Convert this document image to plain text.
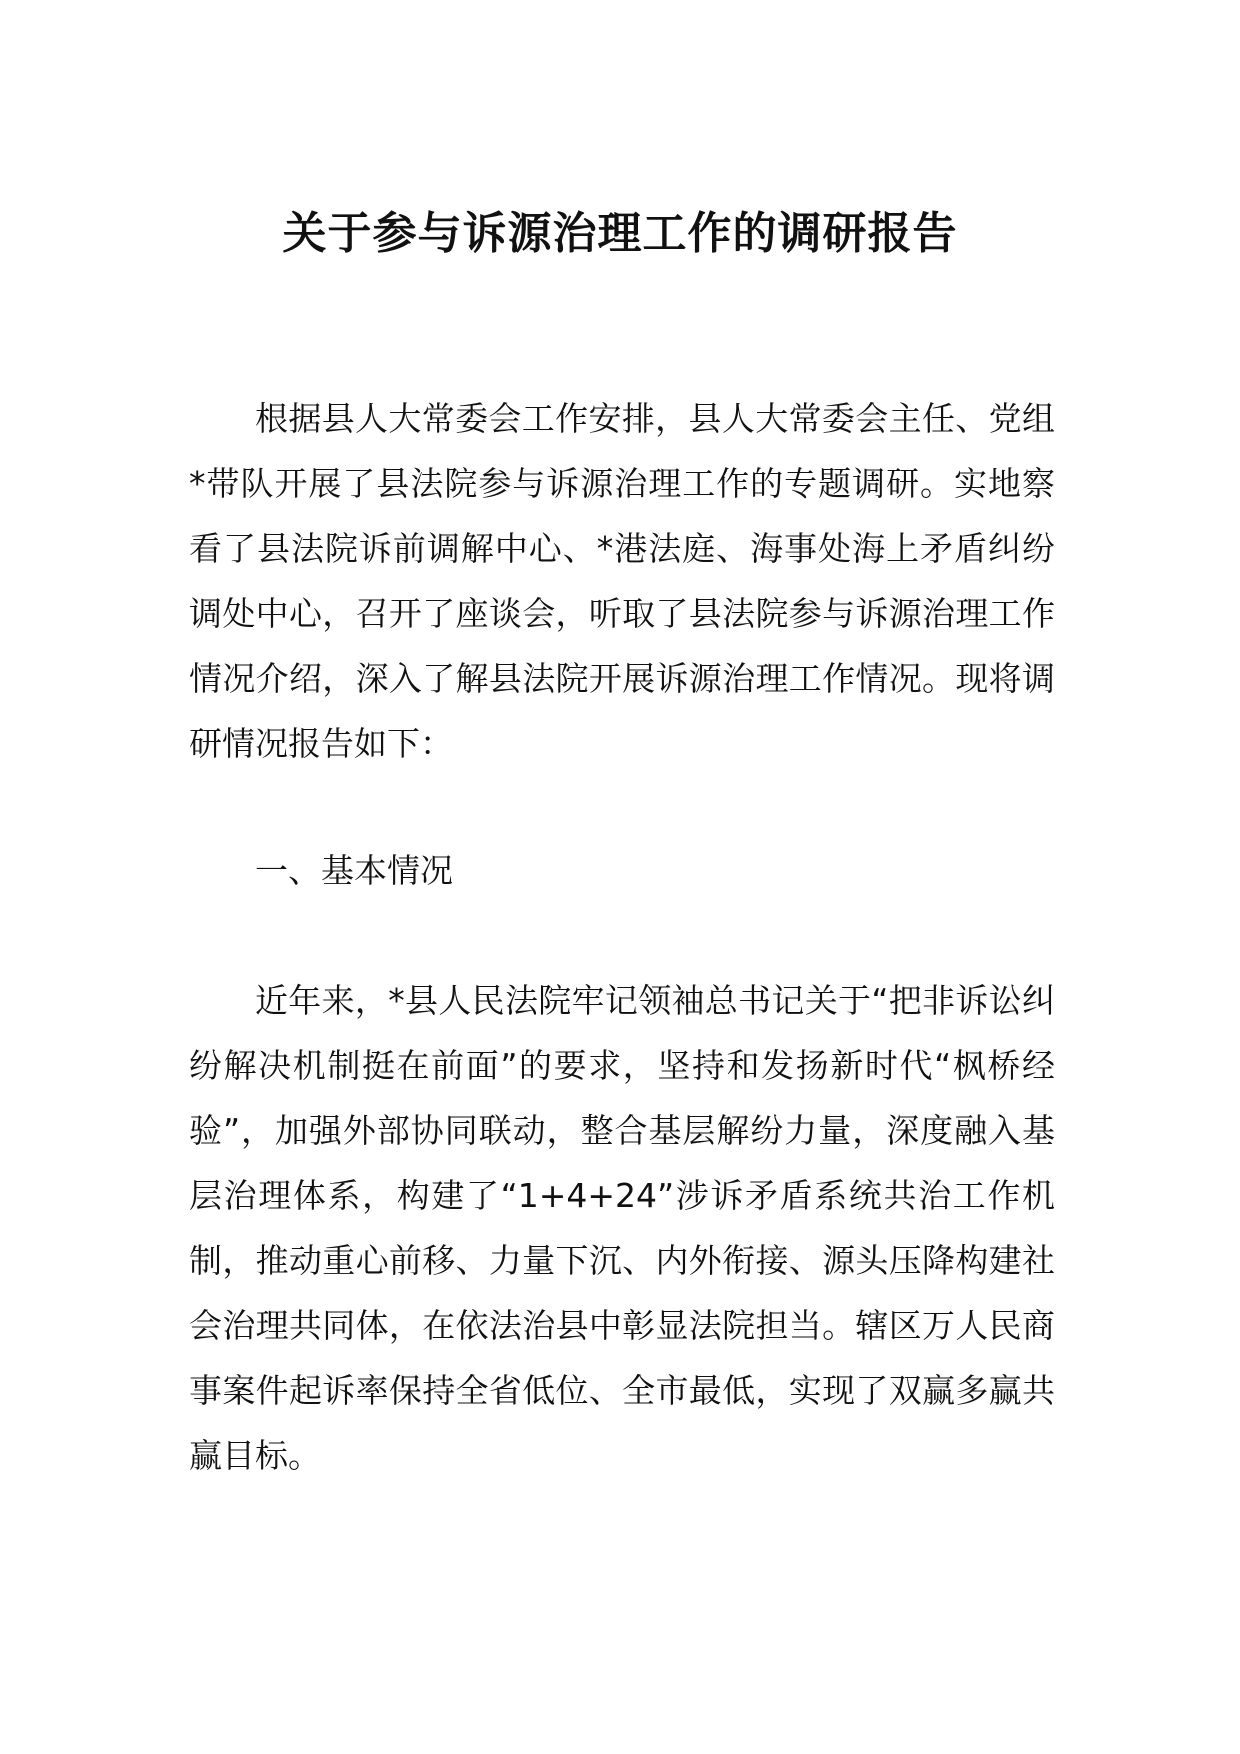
关于参与诉源治理工作的调研报告

根据县人大常委会工作安排，县人大常委会主任、党组*带队开展了县法院参与诉源治理工作的专题调研。实地察看了县法院诉前调解中心、*港法庭、海事处海上矛盾纠纷调处中心，召开了座谈会，听取了县法院参与诉源治理工作情况介绍，深入了解县法院开展诉源治理工作情况。现将调研情况报告如下：

一、基本情况

近年来，*县人民法院牢记领袖总书记关于“把非诉讼纠纷解决机制挺在前面”的要求，坚持和发扬新时代“枫桥经验”，加强外部协同联动，整合基层解纷力量，深度融入基层治理体系，构建了“1+4+24”涉诉矛盾系统共治工作机制，推动重心前移、力量下沉、内外衔接、源头压降构建社会治理共同体，在依法治县中彰显法院担当。辖区万人民商事案件起诉率保持全省低位、全市最低，实现了双赢多赢共赢目标。
